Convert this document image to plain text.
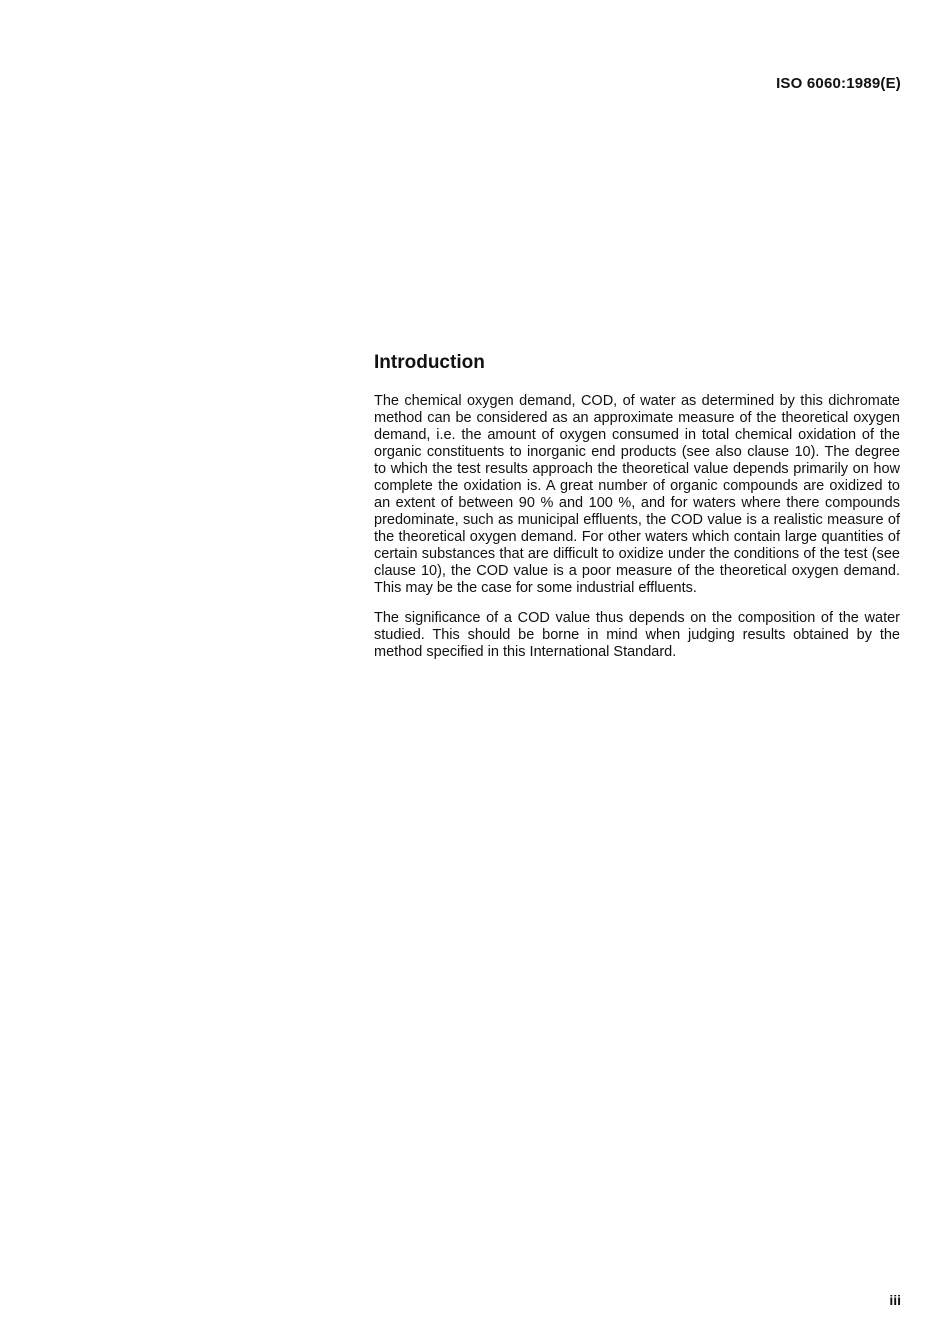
ISO 6060:1989(E)
Introduction

The chemical oxygen demand, COD, of water as determined by this dichromate method can be considered as an approximate measure of the theoretical oxygen demand, i.e. the amount of oxygen consumed in total chemical oxidation of the organic constituents to inorganic end products (see also clause 10). The degree to which the test results approach the theoretical value depends primarily on how complete the oxidation is. A great number of organic compounds are oxidized to an extent of between 90 % and 100 %, and for waters where there compounds predominate, such as municipal effluents, the COD value is a realistic measure of the theoretical oxygen demand. For other waters which contain large quantities of certain substances that are difficult to oxidize under the conditions of the test (see clause 10), the COD value is a poor measure of the theoretical oxygen demand. This may be the case for some industrial effluents.

The significance of a COD value thus depends on the composition of the water studied. This should be borne in mind when judging results obtained by the method specified in this International Standard.

iii
